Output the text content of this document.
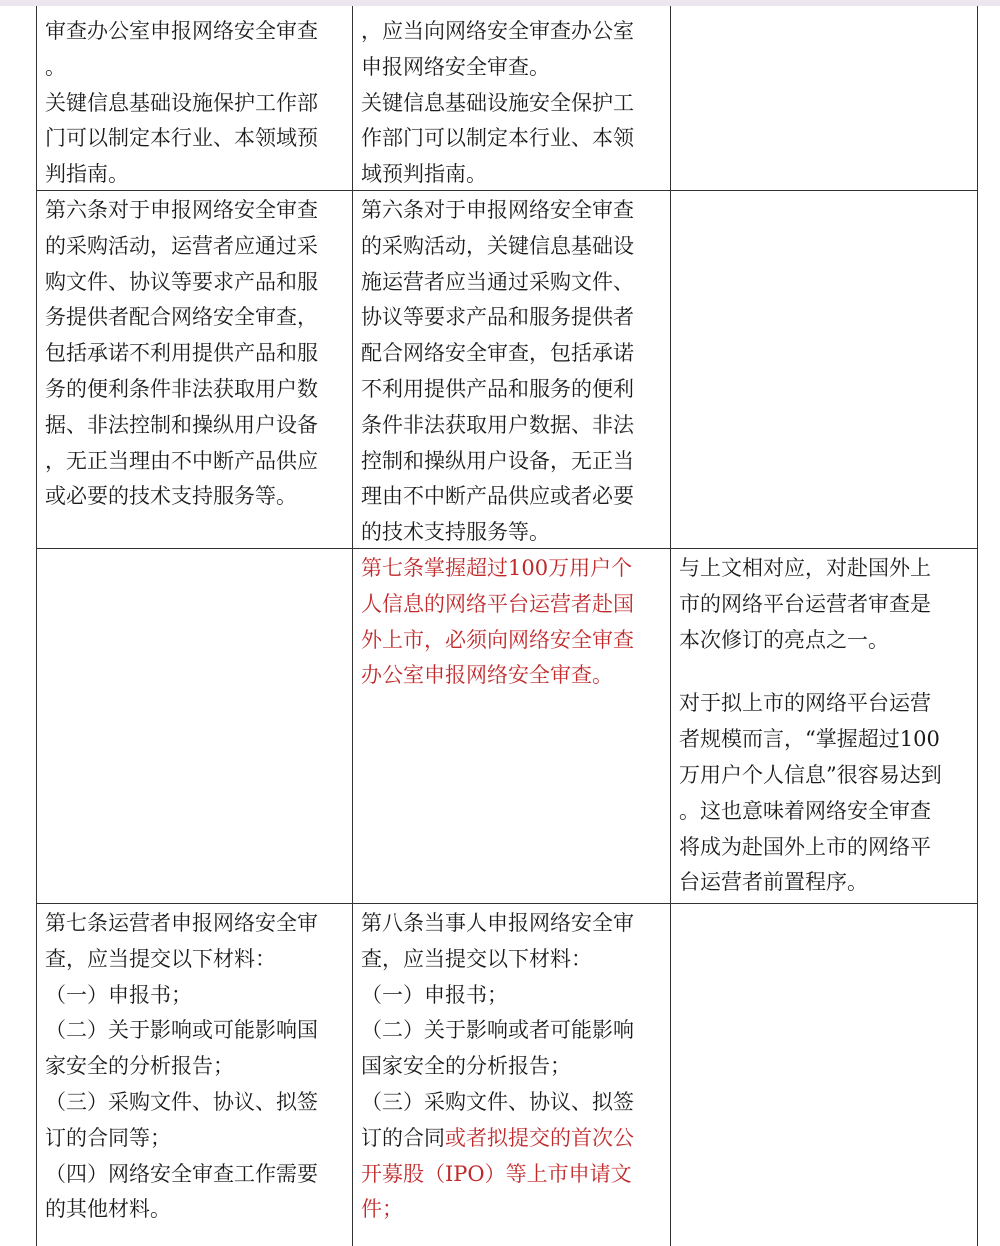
审查办公室申报网络安全审查
。
关键信息基础设施保护工作部
门可以制定本行业、本领域预
判指南。
，应当向网络安全审查办公室
申报网络安全审查。
关键信息基础设施安全保护工
作部门可以制定本行业、本领
域预判指南。
第六条对于申报网络安全审查
的采购活动，运营者应通过采
购文件、协议等要求产品和服
务提供者配合网络安全审查，
包括承诺不利用提供产品和服
务的便利条件非法获取用户数
据、非法控制和操纵用户设备
，无正当理由不中断产品供应
或必要的技术支持服务等。
第六条对于申报网络安全审查
的采购活动，关键信息基础设
施运营者应当通过采购文件、
协议等要求产品和服务提供者
配合网络安全审查，包括承诺
不利用提供产品和服务的便利
条件非法获取用户数据、非法
控制和操纵用户设备，无正当
理由不中断产品供应或者必要
的技术支持服务等。
第七条掌握超过100万用户个
人信息的网络平台运营者赴国
外上市，必须向网络安全审查
办公室申报网络安全审查。
与上文相对应，对赴国外上
市的网络平台运营者审查是
本次修订的亮点之一。
对于拟上市的网络平台运营
者规模而言，“掌握超过100
万用户个人信息”很容易达到
。这也意味着网络安全审查
将成为赴国外上市的网络平
台运营者前置程序。
第七条运营者申报网络安全审
查，应当提交以下材料：
（一）申报书；
（二）关于影响或可能影响国
家安全的分析报告；
（三）采购文件、协议、拟签
订的合同等；
（四）网络安全审查工作需要
的其他材料。
第八条当事人申报网络安全审
查，应当提交以下材料：
（一）申报书；
（二）关于影响或者可能影响
国家安全的分析报告；
（三）采购文件、协议、拟签
订的合同或者拟提交的首次公
开募股（IPO）等上市申请文
件；
